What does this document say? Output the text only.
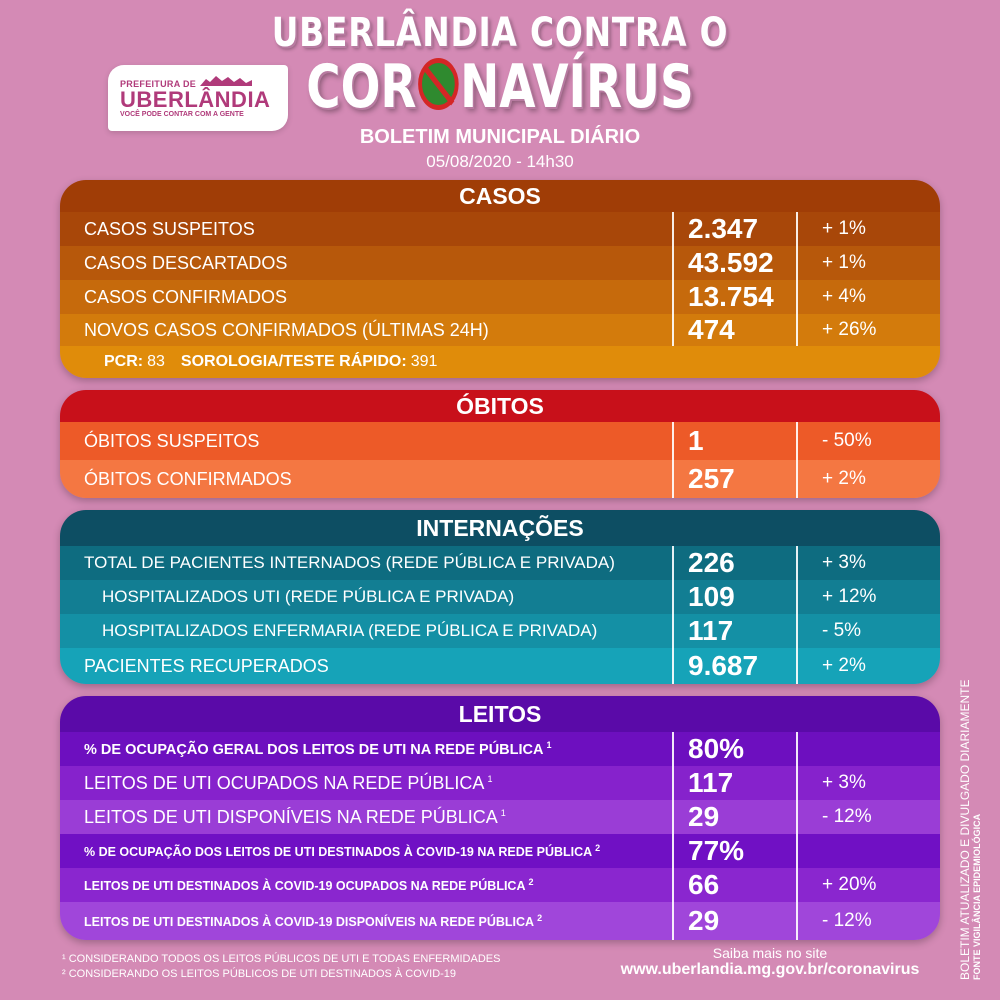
PREFEITURA DE
UBERLÂNDIA
VOCÊ PODE CONTAR COM A GENTE
UBERLÂNDIA CONTRA O
COR NAVÍRUS
BOLETIM MUNICIPAL DIÁRIO
05/08/2020 - 14h30
CASOS
CASOS SUSPEITOS	2.347	+ 1%
CASOS DESCARTADOS	43.592	+ 1%
CASOS CONFIRMADOS	13.754	+ 4%
NOVOS CASOS CONFIRMADOS (ÚLTIMAS 24H)	474	+ 26%
PCR: 83 SOROLOGIA/TESTE RÁPIDO: 391
ÓBITOS
ÓBITOS SUSPEITOS	1	- 50%
ÓBITOS CONFIRMADOS	257	+ 2%
INTERNAÇÕES
TOTAL DE PACIENTES INTERNADOS (REDE PÚBLICA E PRIVADA)	226	+ 3%
HOSPITALIZADOS UTI (REDE PÚBLICA E PRIVADA)	109	+ 12%
HOSPITALIZADOS ENFERMARIA (REDE PÚBLICA E PRIVADA)	117	- 5%
PACIENTES RECUPERADOS	9.687	+ 2%
LEITOS
% DE OCUPAÇÃO GERAL DOS LEITOS DE UTI NA REDE PÚBLICA $^1$	80%
LEITOS DE UTI OCUPADOS NA REDE PÚBLICA $^1$	117	+ 3%
LEITOS DE UTI DISPONÍVEIS NA REDE PÚBLICA $^1$	29	- 12%
% DE OCUPAÇÃO DOS LEITOS DE UTI DESTINADOS À COVID-19 NA REDE PÚBLICA $^2$	77%
LEITOS DE UTI DESTINADOS À COVID-19 OCUPADOS NA REDE PÚBLICA $^2$	66	+ 20%
LEITOS DE UTI DESTINADOS À COVID-19 DISPONÍVEIS NA REDE PÚBLICA $^2$	29	- 12%
¹ CONSIDERANDO TODOS OS LEITOS PÚBLICOS DE UTI E TODAS ENFERMIDADES
² CONSIDERANDO OS LEITOS PÚBLICOS DE UTI DESTINADOS À COVID-19
Saiba mais no site
www.uberlandia.mg.gov.br/coronavirus	BOLETIM ATUALIZADO E DIVULGADO DIARIAMENTE FONTE VIGILÂNCIA EPIDEMIOLÓGICA
